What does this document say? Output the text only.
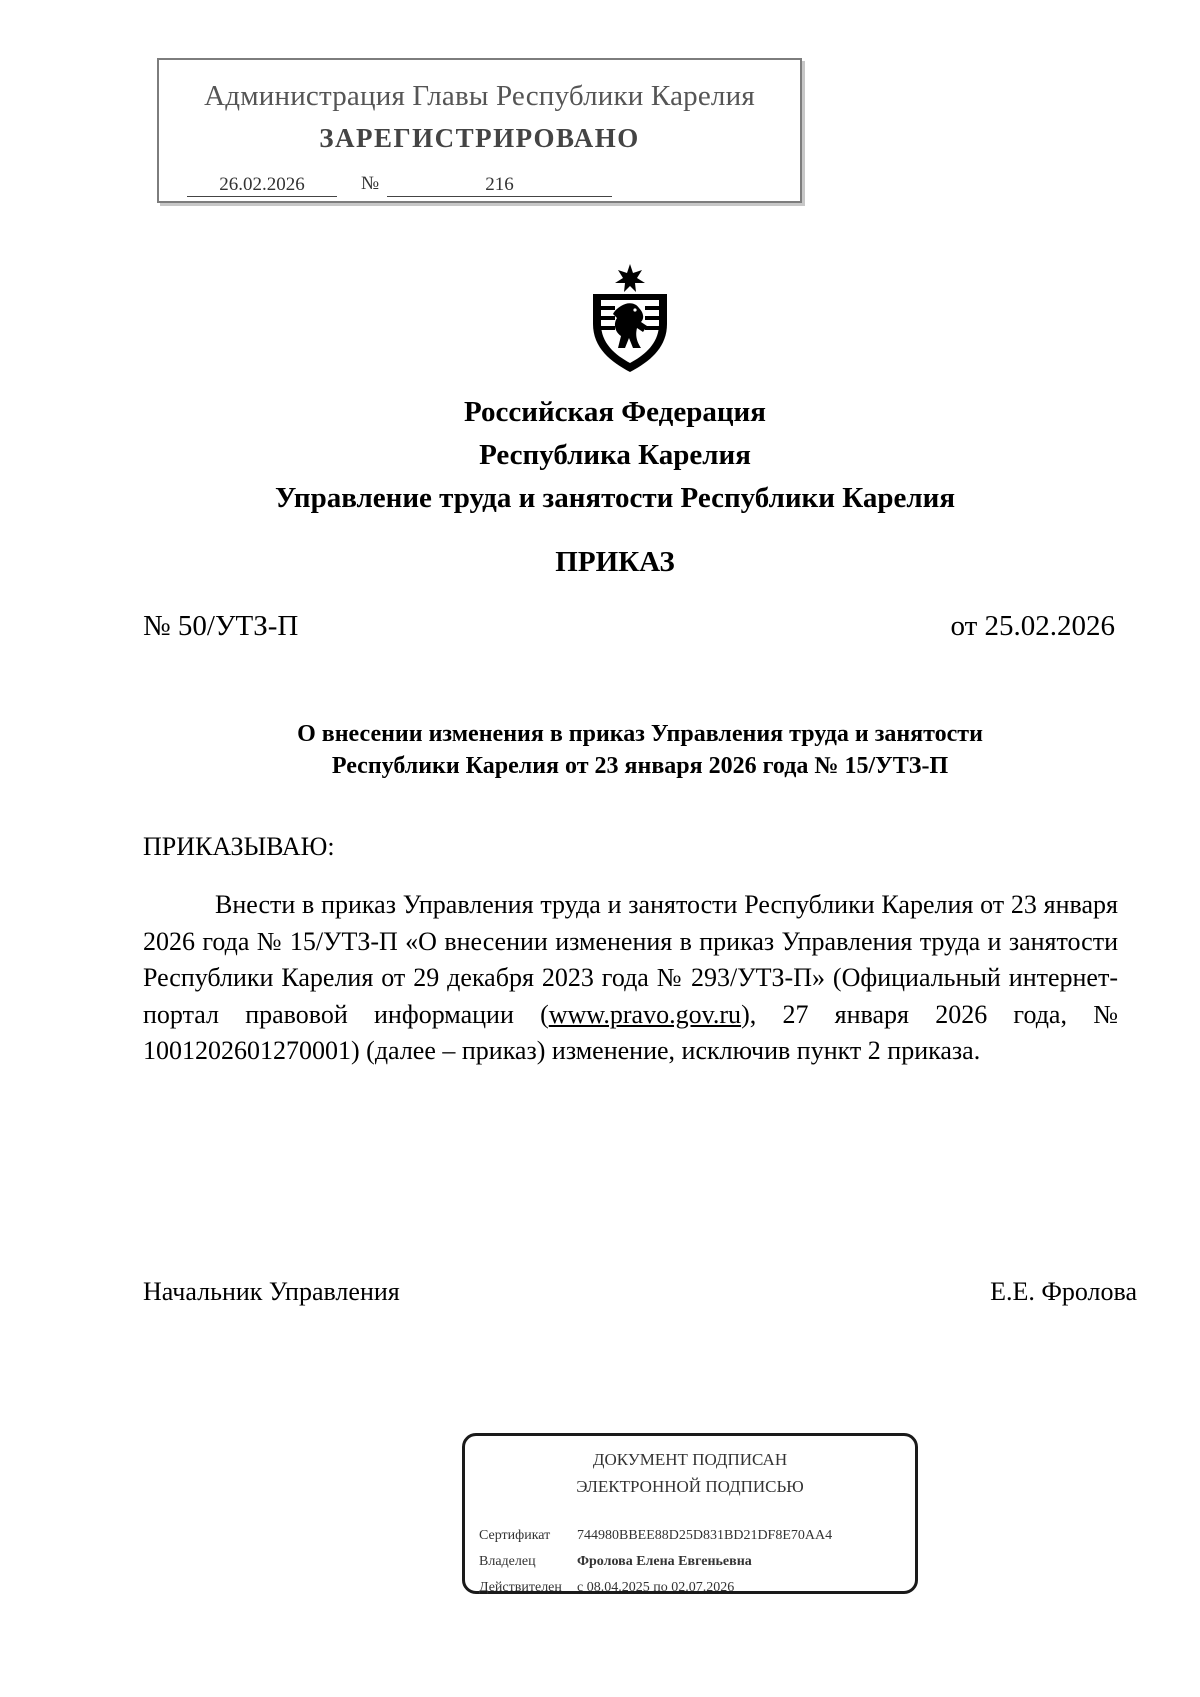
Администрация Главы Республики Карелия
ЗАРЕГИСТРИРОВАНО
26.02.2026	№	216
Российская Федерация
Республика Карелия
Управление труда и занятости Республики Карелия
ПРИКАЗ
№ 50/УТЗ-П	от 25.02.2026
О внесении изменения в приказ Управления труда и занятости
Республики Карелия от 23 января 2026 года № 15/УТЗ-П
ПРИКАЗЫВАЮ:
Внести в приказ Управления труда и занятости Республики Карелия от 23 января 2026 года № 15/УТЗ-П «О внесении изменения в приказ Управления труда и занятости Республики Карелия от 29 декабря 2023 года № 293/УТЗ-П» (Официальный интернет-портал правовой информации (www.pravo.gov.ru), 27 января 2026 года, № 1001202601270001) (далее – приказ) изменение, исключив пункт 2 приказа.
Начальник Управления	Е.Е. Фролова
ДОКУМЕНТ ПОДПИСАН
ЭЛЕКТРОННОЙ ПОДПИСЬЮ
Сертификат 744980BBEE88D25D831BD21DF8E70AA4
Владелец	Фролова Елена Евгеньевна
Действителен с 08.04.2025 по 02.07.2026
